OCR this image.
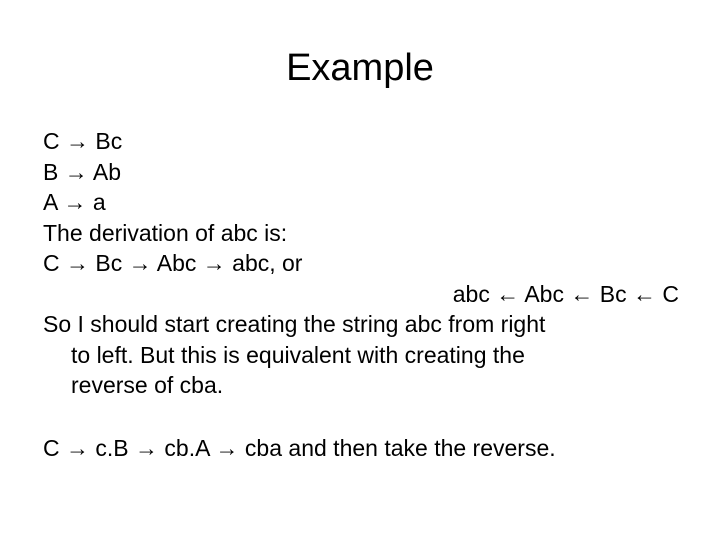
Example
C → Bc
B → Ab
A → a
The derivation of abc is:
C → Bc → Abc → abc, or
abc ← Abc ← Bc ← C
So I should start creating the string abc from right
to left. But this is equivalent with creating the
reverse of cba.
C → c.B → cb.A → cba and then take the reverse.
